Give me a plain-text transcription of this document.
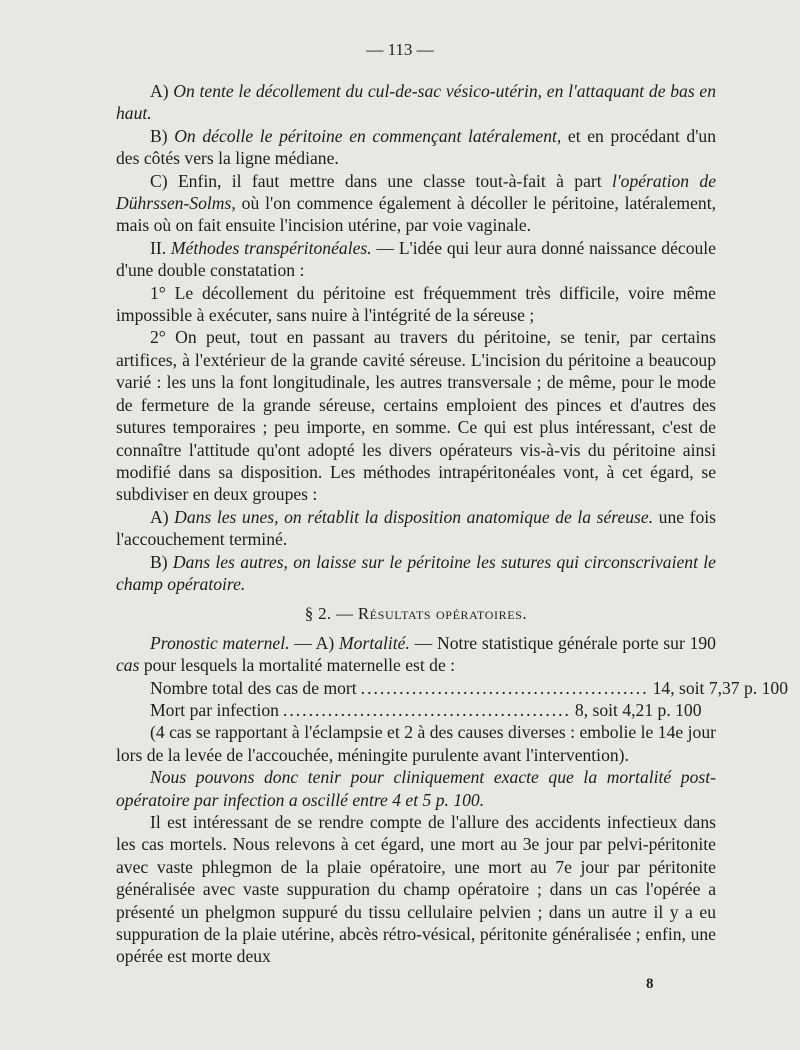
— 113 —

A) On tente le décollement du cul-de-sac vésico-utérin, en l'attaquant de bas en haut.

B) On décolle le péritoine en commençant latéralement, et en procédant d'un des côtés vers la ligne médiane.

C) Enfin, il faut mettre dans une classe tout-à-fait à part l'opération de Dührssen-Solms, où l'on commence également à décoller le péritoine, latéralement, mais où on fait ensuite l'incision utérine, par voie vaginale.

II. Méthodes transpéritonéales. — L'idée qui leur aura donné naissance découle d'une double constatation :

1° Le décollement du péritoine est fréquemment très difficile, voire même impossible à exécuter, sans nuire à l'intégrité de la séreuse ;

2° On peut, tout en passant au travers du péritoine, se tenir, par certains artifices, à l'extérieur de la grande cavité séreuse. L'incision du péritoine a beaucoup varié : les uns la font longitudinale, les autres transversale ; de même, pour le mode de fermeture de la grande séreuse, certains emploient des pinces et d'autres des sutures temporaires ; peu importe, en somme. Ce qui est plus intéressant, c'est de connaître l'attitude qu'ont adopté les divers opérateurs vis-à-vis du péritoine ainsi modifié dans sa disposition. Les méthodes intrapéritonéales vont, à cet égard, se subdiviser en deux groupes :

A) Dans les unes, on rétablit la disposition anatomique de la séreuse. une fois l'accouchement terminé.

B) Dans les autres, on laisse sur le péritoine les sutures qui circonscrivaient le champ opératoire.

§ 2. — Résultats opératoires.

Pronostic maternel. — A) Mortalité. — Notre statistique générale porte sur 190 cas pour lesquels la mortalité maternelle est de :

Nombre total des cas de mort ............................................. 14, soit 7,37 p. 100
Mort par infection ............................................. 8, soit 4,21 p. 100

(4 cas se rapportant à l'éclampsie et 2 à des causes diverses : embolie le 14e jour lors de la levée de l'accouchée, méningite purulente avant l'intervention).

Nous pouvons donc tenir pour cliniquement exacte que la mortalité post-opératoire par infection a oscillé entre 4 et 5 p. 100.

Il est intéressant de se rendre compte de l'allure des accidents infectieux dans les cas mortels. Nous relevons à cet égard, une mort au 3e jour par pelvi-péritonite avec vaste phlegmon de la plaie opératoire, une mort au 7e jour par péritonite généralisée avec vaste suppuration du champ opératoire ; dans un cas l'opérée a présenté un phelgmon suppuré du tissu cellulaire pelvien ; dans un autre il y a eu suppuration de la plaie utérine, abcès rétro-vésical, péritonite généralisée ; enfin, une opérée est morte deux

8
